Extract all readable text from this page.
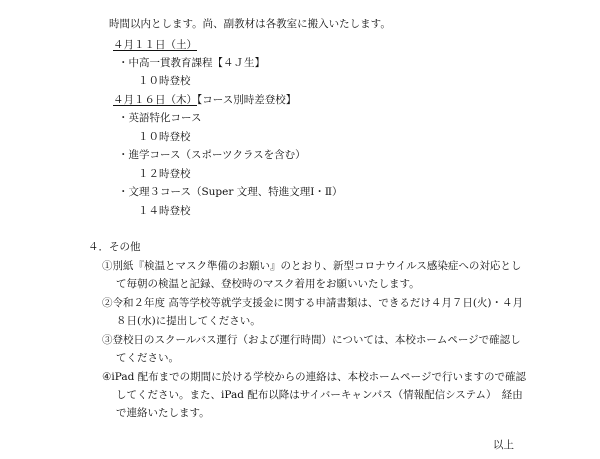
時間以内とします。尚、副教材は各教室に搬入いたします。
４月１１日（土）
・中高一貫教育課程【４Ｊ生】
１０時登校
４月１６日（木）【コース別時差登校】
・英語特化コース
１０時登校
・進学コース（スポーツクラスを含む）
１２時登校
・文理３コース（Super 文理、特進文理Ⅰ・Ⅱ）
１４時登校
４．その他
①別紙『検温とマスク準備のお願い』のとおり、新型コロナウイルス感染症への対応とし
て毎朝の検温と記録、登校時のマスク着用をお願いいたします。
②令和２年度 高等学校等就学支援金に関する申請書類は、できるだけ４月７日(火)・４月
８日(水)に提出してください。
③登校日のスクールバス運行（および運行時間）については、本校ホームページで確認し
てください。
④iPad 配布までの期間に於ける学校からの連絡は、本校ホームページで行いますので確認
してください。また、iPad 配布以降はサイバーキャンパス（情報配信システム）　経由
で連絡いたします。
以上
